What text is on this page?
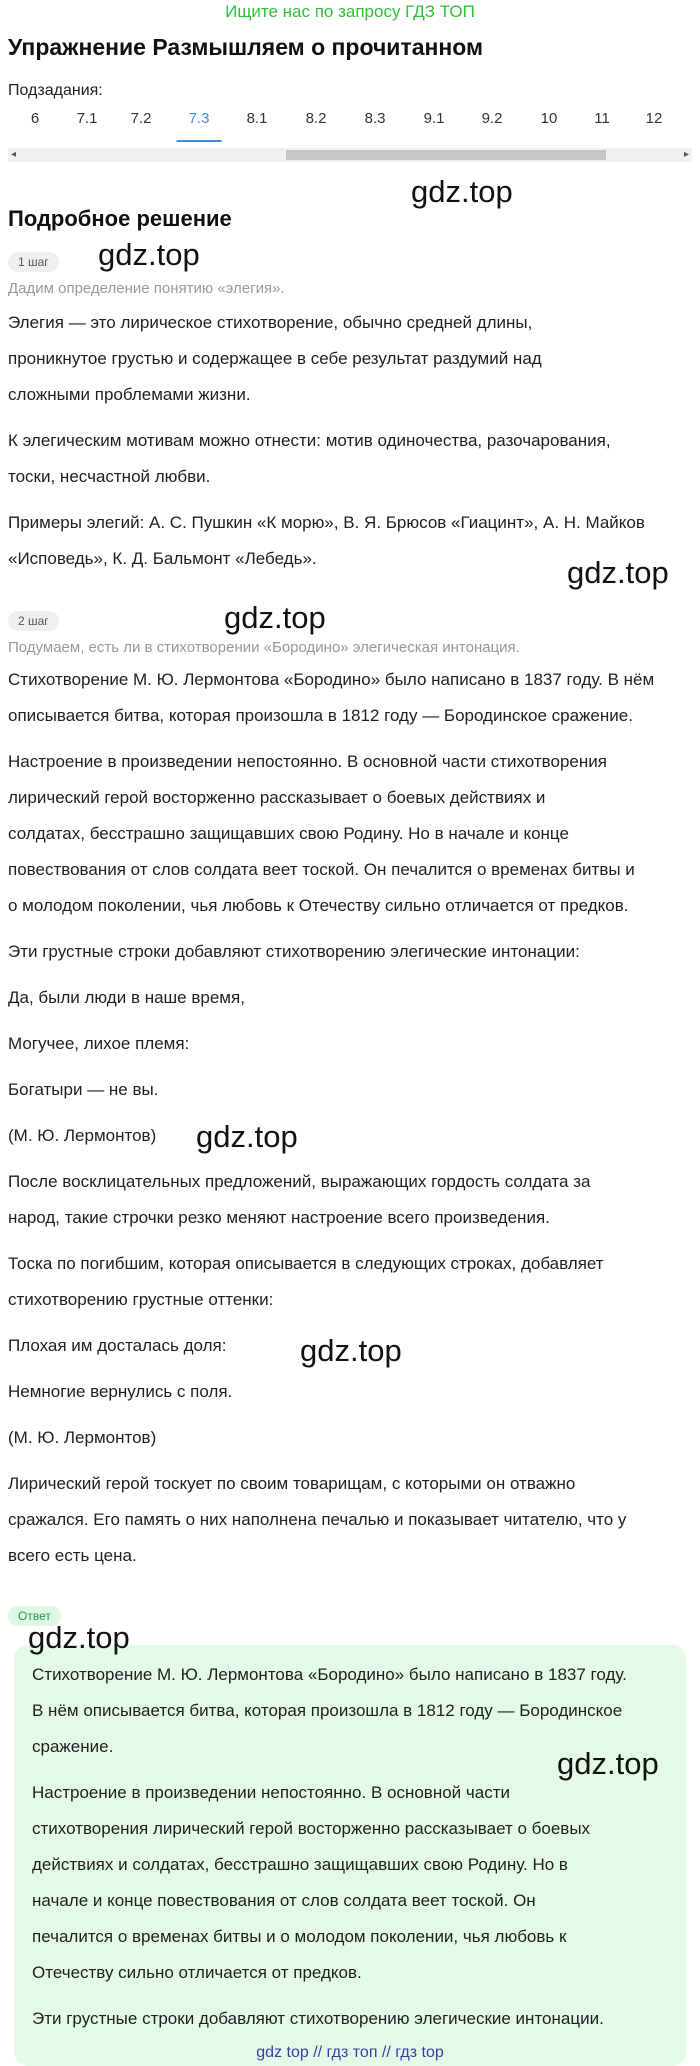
Ищите нас по запросу ГДЗ ТОП
Упражнение Размышляем о прочитанном
Подзадания:
6 7.1 7.2 7.3 8.1	8.2	8.3	9.1 9.2	10 11 12
◂	▸
Подробное решение
1 шаг
Дадим определение понятию «элегия».
Элегия — это лирическое стихотворение, обычно средней длины,
проникнутое грустью и содержащее в себе результат раздумий над
сложными проблемами жизни.
К элегическим мотивам можно отнести: мотив одиночества, разочарования,
тоски, несчастной любви.
Примеры элегий: А. С. Пушкин «К морю», В. Я. Брюсов «Гиацинт», А. Н. Майков
«Исповедь», К. Д. Бальмонт «Лебедь».
2 шаг
Подумаем, есть ли в стихотворении «Бородино» элегическая интонация.
Стихотворение М. Ю. Лермонтова «Бородино» было написано в 1837 году. В нём
описывается битва, которая произошла в 1812 году — Бородинское сражение.
Настроение в произведении непостоянно. В основной части стихотворения
лирический герой восторженно рассказывает о боевых действиях и
солдатах, бесстрашно защищавших свою Родину. Но в начале и конце
повествования от слов солдата веет тоской. Он печалится о временах битвы и
о молодом поколении, чья любовь к Отечеству сильно отличается от предков.
Эти грустные строки добавляют стихотворению элегические интонации:
Да, были люди в наше время,
Могучее, лихое племя:
Богатыри — не вы.
(М. Ю. Лермонтов)
После восклицательных предложений, выражающих гордость солдата за
народ, такие строчки резко меняют настроение всего произведения.
Тоска по погибшим, которая описывается в следующих строках, добавляет
стихотворению грустные оттенки:
Плохая им досталась доля:
Немногие вернулись с поля.
(М. Ю. Лермонтов)
Лирический герой тоскует по своим товарищам, с которыми он отважно
сражался. Его память о них наполнена печалью и показывает читателю, что у
всего есть цена.
Ответ
Стихотворение М. Ю. Лермонтова «Бородино» было написано в 1837 году.
В нём описывается битва, которая произошла в 1812 году — Бородинское
сражение.
Настроение в произведении непостоянно. В основной части
стихотворения лирический герой восторженно рассказывает о боевых
действиях и солдатах, бесстрашно защищавших свою Родину. Но в
начале и конце повествования от слов солдата веет тоской. Он
печалится о временах битвы и о молодом поколении, чья любовь к
Отечеству сильно отличается от предков.
Эти грустные строки добавляют стихотворению элегические интонации.
gdz.top
gdz.top
gdz.top
gdz.top
gdz.top
gdz.top
gdz.top
gdz.top
gdz top // гдз топ // гдз top
